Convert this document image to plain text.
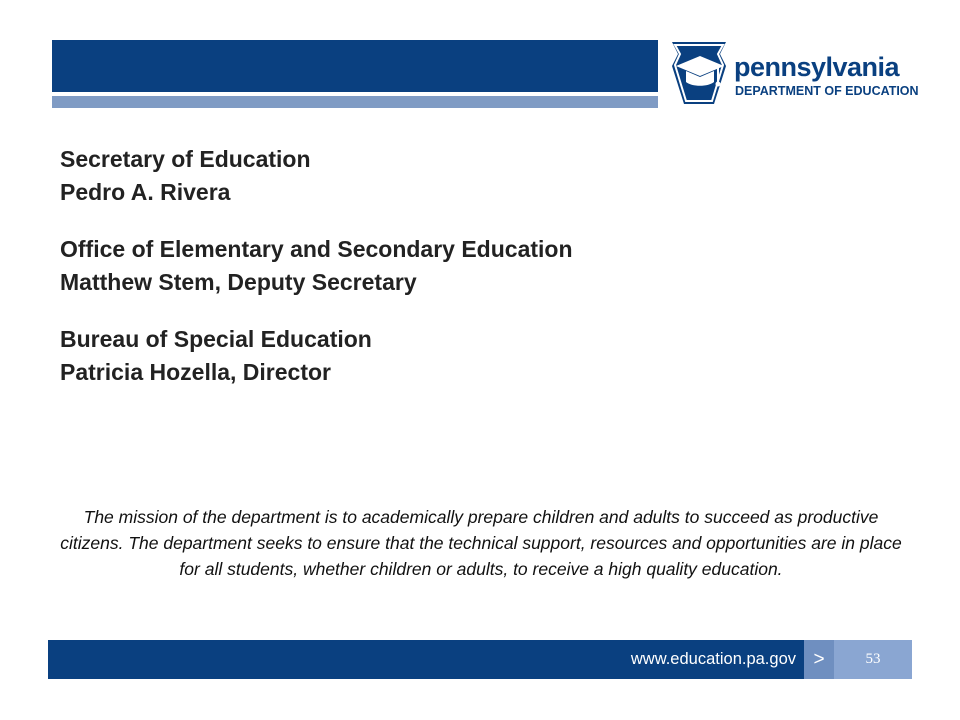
pennsylvania
DEPARTMENT OF EDUCATION
Secretary of Education
Pedro A. Rivera
Office of Elementary and Secondary Education
Matthew Stem, Deputy Secretary
Bureau of Special Education
Patricia Hozella, Director

The mission of the department is to academically prepare children and adults to succeed as productive citizens. The department seeks to ensure that the technical support, resources and opportunities are in place for all students, whether children or adults, to receive a high quality education.

www.education.pa.gov >	53
